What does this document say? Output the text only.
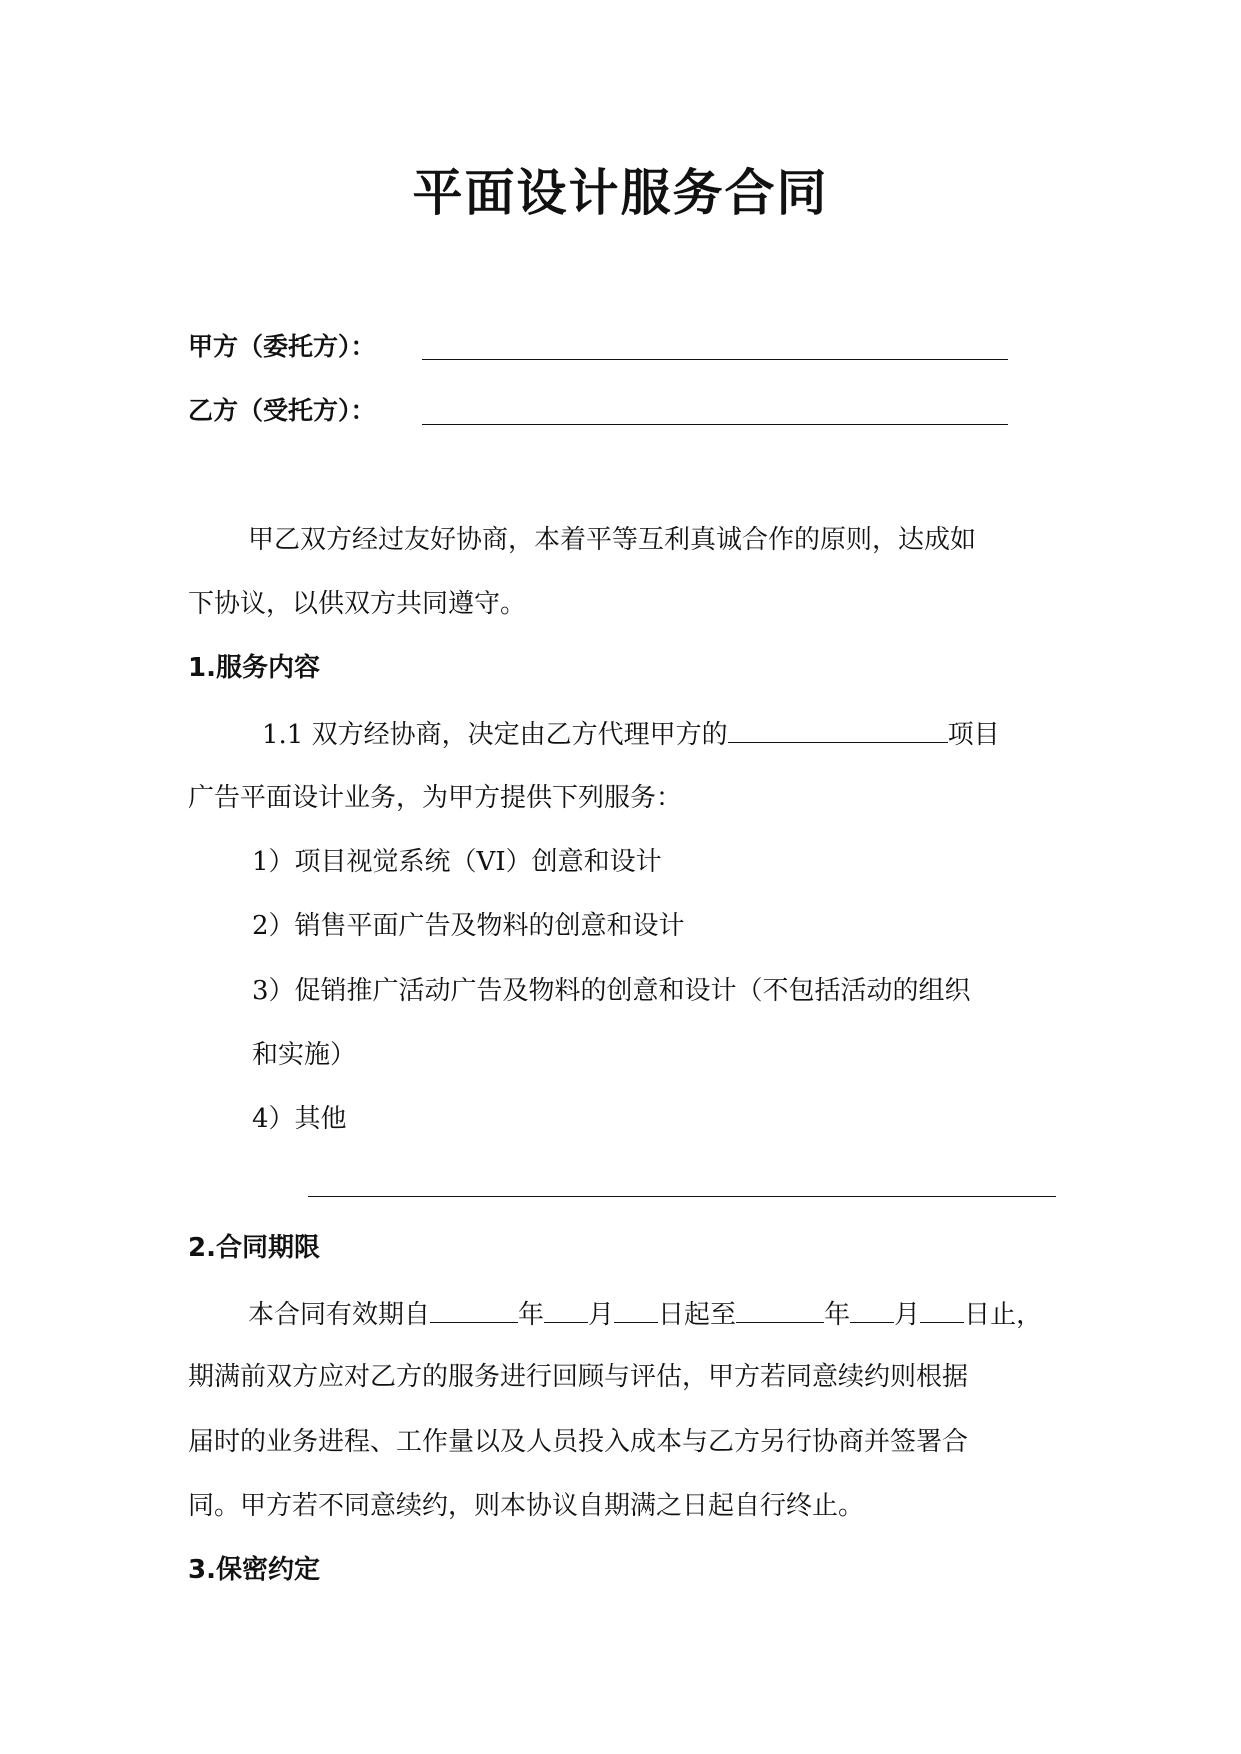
平面设计服务合同
甲方（委托方）：
乙方（受托方）：
甲乙双方经过友好协商，本着平等互利真诚合作的原则，达成如
下协议，以供双方共同遵守。
1.服务内容
1.1 双方经协商，决定由乙方代理甲方的	项目
广告平面设计业务，为甲方提供下列服务：
1）项目视觉系统（VI）创意和设计
2）销售平面广告及物料的创意和设计
3）促销推广活动广告及物料的创意和设计（不包括活动的组织
和实施）
4）其他
2.合同期限
本合同有效期自	年 月 日起至	年 月 日止，
期满前双方应对乙方的服务进行回顾与评估，甲方若同意续约则根据
届时的业务进程、工作量以及人员投入成本与乙方另行协商并签署合
同。甲方若不同意续约，则本协议自期满之日起自行终止。
3.保密约定
